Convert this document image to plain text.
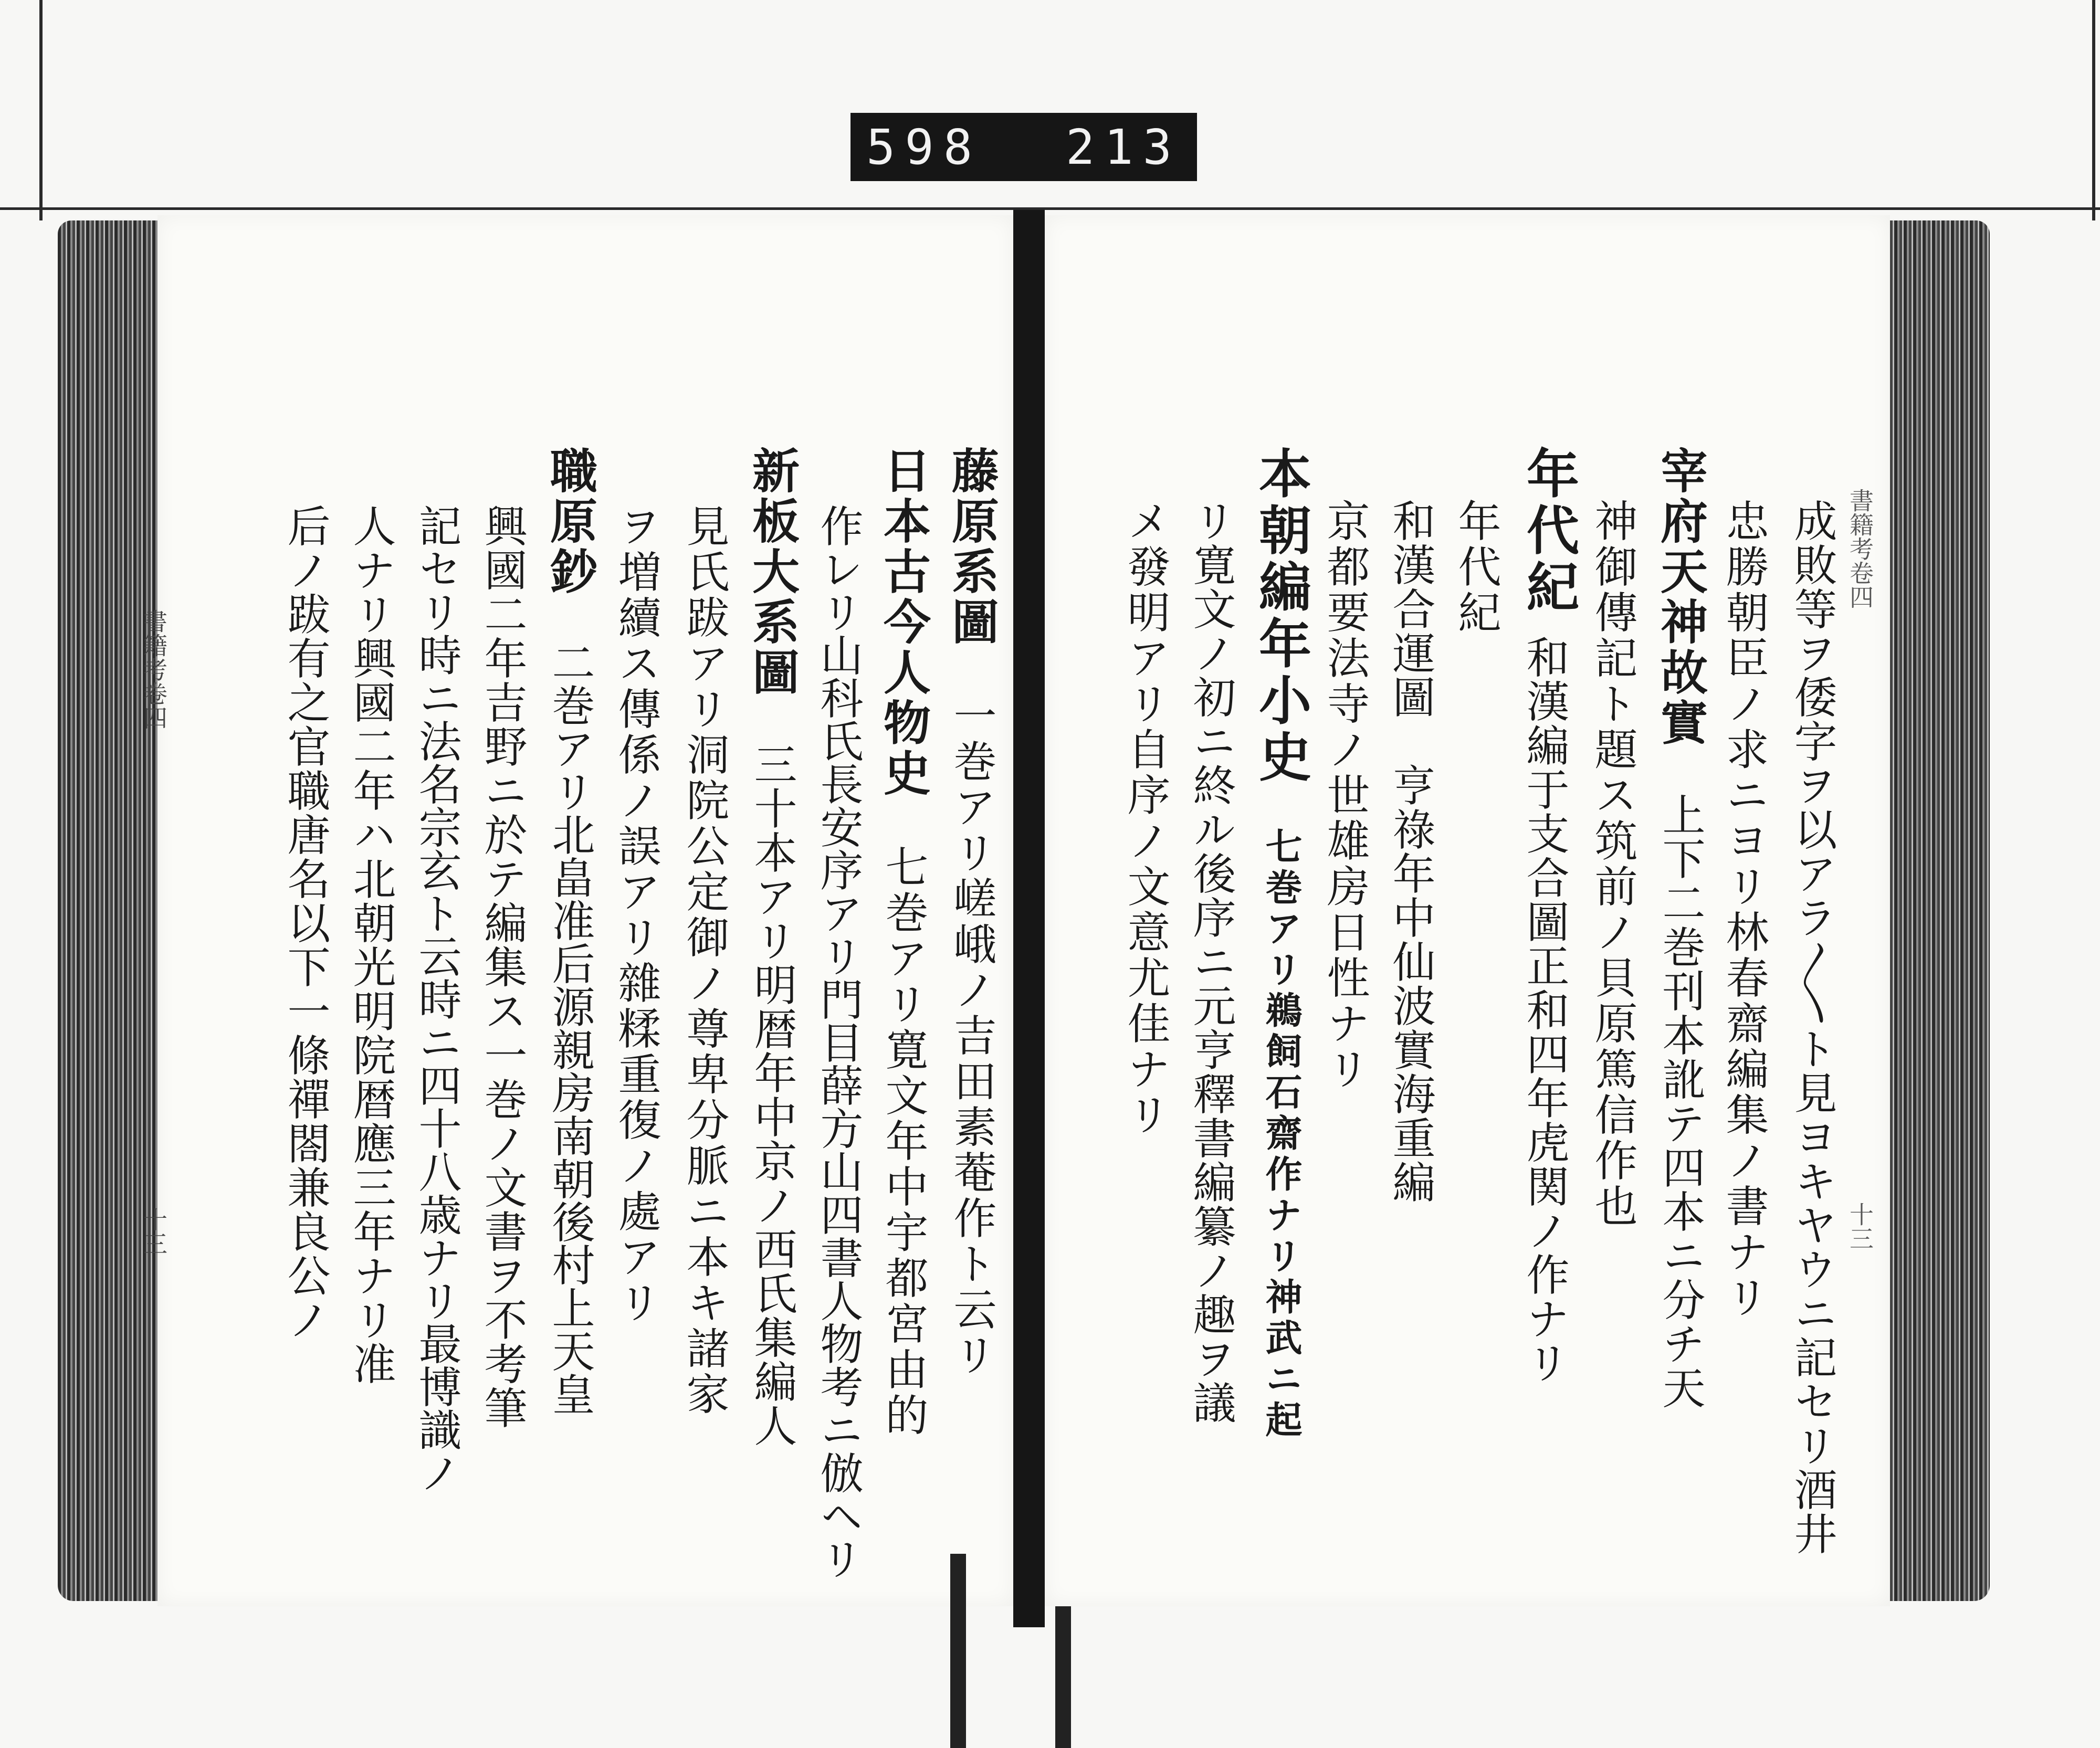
598 213
藤原系圖　一巻アリ嵯峨ノ吉田素菴作ト云リ
日本古今人物史　七巻アリ寛文年中宇都宮由的
作レリ山科氏長安序アリ門目薛方山四書人物考ニ倣ヘリ
新板大系圖　三十本アリ明暦年中京ノ西氏集編人
見氏跋アリ洞院公定御ノ尊卑分脈ニ本キ諸家
ヲ増續ス傳係ノ誤アリ雜糅重復ノ處アリ
職原鈔　二巻アリ北畠准后源親房南朝後村上天皇
興國二年吉野ニ於テ編集ス一巻ノ文書ヲ不考筆
記セリ時ニ法名宗玄ト云時ニ四十八歳ナリ最博識ノ
人ナリ興國二年ハ北朝光明院暦應三年ナリ准
后ノ跋有之官職唐名以下一條禪閤兼良公ノ	書籍考卷四
十三
成敗等ヲ倭字ヲ以アラ〱ト見ヨキヤウニ記セリ酒井
忠勝朝臣ノ求ニヨリ林春齋編集ノ書ナリ
宰府天神故實　上下二巻刊本訛テ四本ニ分チ天
神御傳記ト題ス筑前ノ貝原篤信作也
年代紀
和漢編于支合圖正和四年虎関ノ作ナリ
年代紀
和漢合運圖　亨祿年中仙波實海重編
京都要法寺ノ世雄房日性ナリ
本朝編年小史　七巻アリ鵜飼石齋作ナリ神武ニ起
リ寛文ノ初ニ終ル後序ニ元亨釋書編纂ノ趣ヲ議
メ發明アリ自序ノ文意尤佳ナリ
書籍考卷四
十三
